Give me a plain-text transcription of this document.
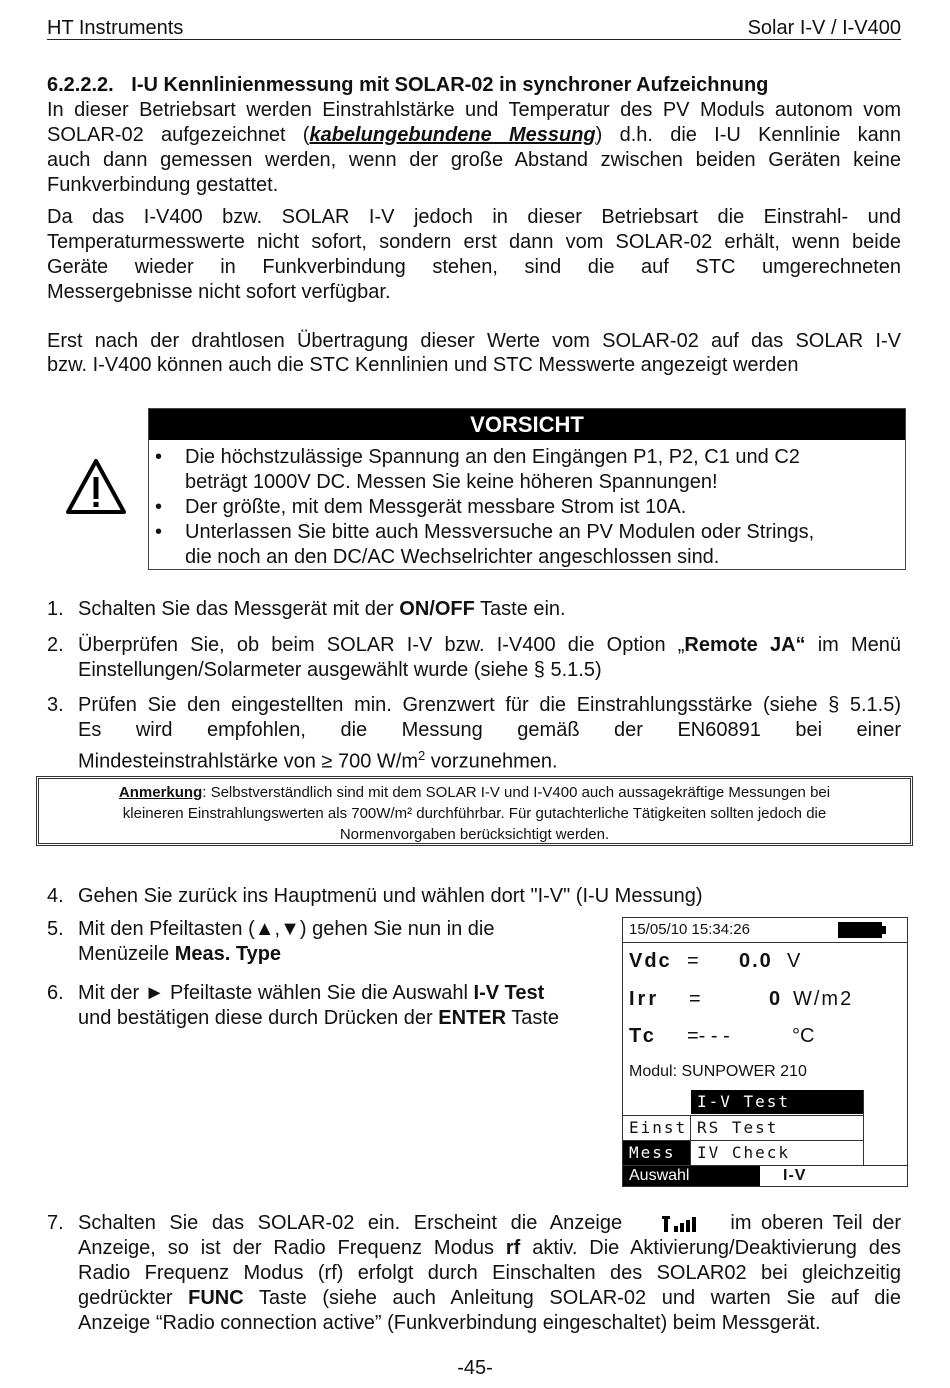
HT Instruments	Solar I-V / I-V400
6.2.2.2. I-U Kennlinienmessung mit SOLAR-02 in synchroner Aufzeichnung
In dieser Betriebsart werden Einstrahlstärke und Temperatur des PV Moduls autonom vom
SOLAR-02 aufgezeichnet (kabelungebundene Messung) d.h. die I-U Kennlinie kann
auch dann gemessen werden, wenn der große Abstand zwischen beiden Geräten keine
Funkverbindung gestattet.
Da das I-V400 bzw. SOLAR I-V jedoch in dieser Betriebsart die Einstrahl- und
Temperaturmesswerte nicht sofort, sondern erst dann vom SOLAR-02 erhält, wenn beide
Geräte wieder in Funkverbindung stehen, sind die auf STC umgerechneten
Messergebnisse nicht sofort verfügbar.
Erst nach der drahtlosen Übertragung dieser Werte vom SOLAR-02 auf das SOLAR I-V
bzw. I-V400 können auch die STC Kennlinien und STC Messwerte angezeigt werden
VORSICHT
• Die höchstzulässige Spannung an den Eingängen P1, P2, C1 und C2
beträgt 1000V DC. Messen Sie keine höheren Spannungen!
• Der größte, mit dem Messgerät messbare Strom ist 10A.
• Unterlassen Sie bitte auch Messversuche an PV Modulen oder Strings,
die noch an den DC/AC Wechselrichter angeschlossen sind.
1. Schalten Sie das Messgerät mit der ON/OFF Taste ein.
2. Überprüfen Sie, ob beim SOLAR I-V bzw. I-V400 die Option „Remote JA“ im Menü
Einstellungen/Solarmeter ausgewählt wurde (siehe § 5.1.5)
3. Prüfen Sie den eingestellten min. Grenzwert für die Einstrahlungsstärke (siehe § 5.1.5)
Es wird empfohlen, die Messung gemäß der EN60891 bei einer
Mindesteinstrahlstärke von ≥ 700 $W/m^2$ vorzunehmen.
Anmerkung: Selbstverständlich sind mit dem SOLAR I-V und I-V400 auch aussagekräftige Messungen bei
kleineren Einstrahlungswerten als 700W/m² durchführbar. Für gutachterliche Tätigkeiten sollten jedoch die
Normenvorgaben berücksichtigt werden.
4. Gehen Sie zurück ins Hauptmenü und wählen dort "I-V" (I-U Messung)
5. Mit den Pfeiltasten (▲,▼) gehen Sie nun in die
Menüzeile Meas. Type
6. Mit der ► Pfeiltaste wählen Sie die Auswahl I-V Test
und bestätigen diese durch Drücken der ENTER Taste
15/05/10 15:34:26
Vdc = 0.0 V
Irr =	0 W/m2
Tc =- - -	°C
Modul: SUNPOWER 210
I-V Test
Einst RS Test
Mess	IV Check
Auswahl	I-V
7. Schalten Sie das SOLAR-02 ein. Erscheint die Anzeige	im oberen Teil der
Anzeige, so ist der Radio Frequenz Modus rf aktiv. Die Aktivierung/Deaktivierung des
Radio Frequenz Modus (rf) erfolgt durch Einschalten des SOLAR02 bei gleichzeitig
gedrückter FUNC Taste (siehe auch Anleitung SOLAR-02 und warten Sie auf die
Anzeige “Radio connection active” (Funkverbindung eingeschaltet) beim Messgerät.
-45-
